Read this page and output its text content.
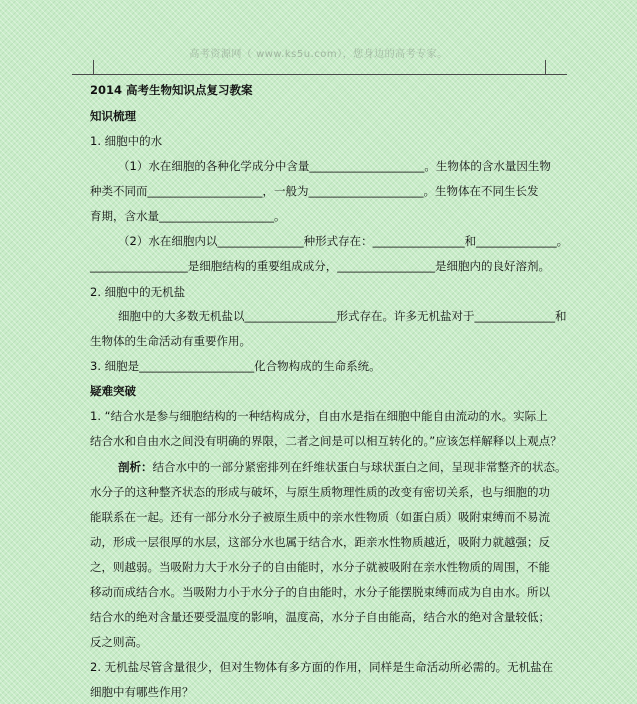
高考资源网（ www.ks5u.com），您身边的高考专家。
2014 高考生物知识点复习教案
知识梳理
1. 细胞中的水
（1）水在细胞的各种化学成分中含量____________________。生物体的含水量因生物
种类不同而____________________，一般为____________________。生物体在不同生长发
育期，含水量____________________。
（2）水在细胞内以_______________种形式存在：________________和______________。
_________________是细胞结构的重要组成成分，_________________是细胞内的良好溶剂。
2. 细胞中的无机盐
细胞中的大多数无机盐以________________形式存在。许多无机盐对于______________和
生物体的生命活动有重要作用。
3. 细胞是____________________化合物构成的生命系统。
疑难突破
1. “结合水是参与细胞结构的一种结构成分，自由水是指在细胞中能自由流动的水。实际上
结合水和自由水之间没有明确的界限，二者之间是可以相互转化的。”应该怎样解释以上观点？
剖析：结合水中的一部分紧密排列在纤维状蛋白与球状蛋白之间，呈现非常整齐的状态。
水分子的这种整齐状态的形成与破坏，与原生质物理性质的改变有密切关系，也与细胞的功
能联系在一起。还有一部分水分子被原生质中的亲水性物质（如蛋白质）吸附束缚而不易流
动，形成一层很厚的水层，这部分水也属于结合水，距亲水性物质越近，吸附力就越强；反
之，则越弱。当吸附力大于水分子的自由能时，水分子就被吸附在亲水性物质的周围，不能
移动而成结合水。当吸附力小于水分子的自由能时，水分子能摆脱束缚而成为自由水。所以
结合水的绝对含量还要受温度的影响，温度高，水分子自由能高，结合水的绝对含量较低；
反之则高。
2. 无机盐尽管含量很少，但对生物体有多方面的作用，同样是生命活动所必需的。无机盐在
细胞中有哪些作用？
